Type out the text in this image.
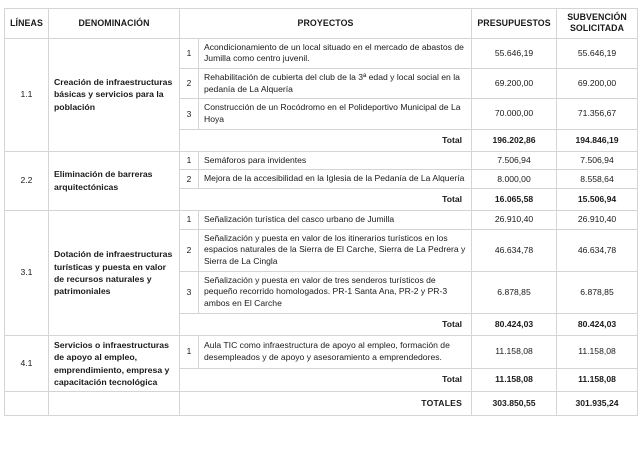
LÍNEAS	DENOMINACIÓN	PROYECTOS		PRESUPUESTOS	SUBVENCIÓN SOLICITADA
1.1	Creación de infraestructuras básicas y servicios para la población	1	Acondicionamiento de un local situado en el mercado de abastos de Jumilla como centro juvenil.	55.646,19	55.646,19
		2	Rehabilitación de cubierta del club de la 3ª edad y local social en la pedanía de La Alquería	69.200,00	69.200,00
		3	Construcción de un Rocódromo en el Polideportivo Municipal de La Hoya	70.000,00	71.356,67
		Total		196.202,86	194.846,19
2.2	Eliminación de barreras arquitectónicas	1	Semáforos para invidentes	7.506,94	7.506,94
		2	Mejora de la accesibilidad en la Iglesia de la Pedanía de La Alquería	8.000,00	8.558,64
		Total		16.065,58	15.506,94
3.1	Dotación de infraestructuras turísticas y puesta en valor de recursos naturales y patrimoniales	1	Señalización turística del casco urbano de Jumilla	26.910,40	26.910,40
		2	Señalización y puesta en valor de los itinerarios turísticos en los espacios naturales de la Sierra de El Carche, Sierra de La Pedrera y Sierra de La Cingla	46.634,78	46.634,78
		3	Señalización y puesta en valor de tres senderos turísticos de pequeño recorrido homologados. PR-1 Santa Ana, PR-2 y PR-3 ambos en El Carche	6.878,85	6.878,85
		Total		80.424,03	80.424,03
4.1	Servicios o infraestructuras de apoyo al empleo, emprendimiento, empresa y capacitación tecnológica	1	Aula TIC como infraestructura de apoyo al empleo, formación de desempleados y de apoyo y asesoramiento a emprendedores.	11.158,08	11.158,08
		Total		11.158,08	11.158,08
		TOTALES		303.850,55	301.935,24
